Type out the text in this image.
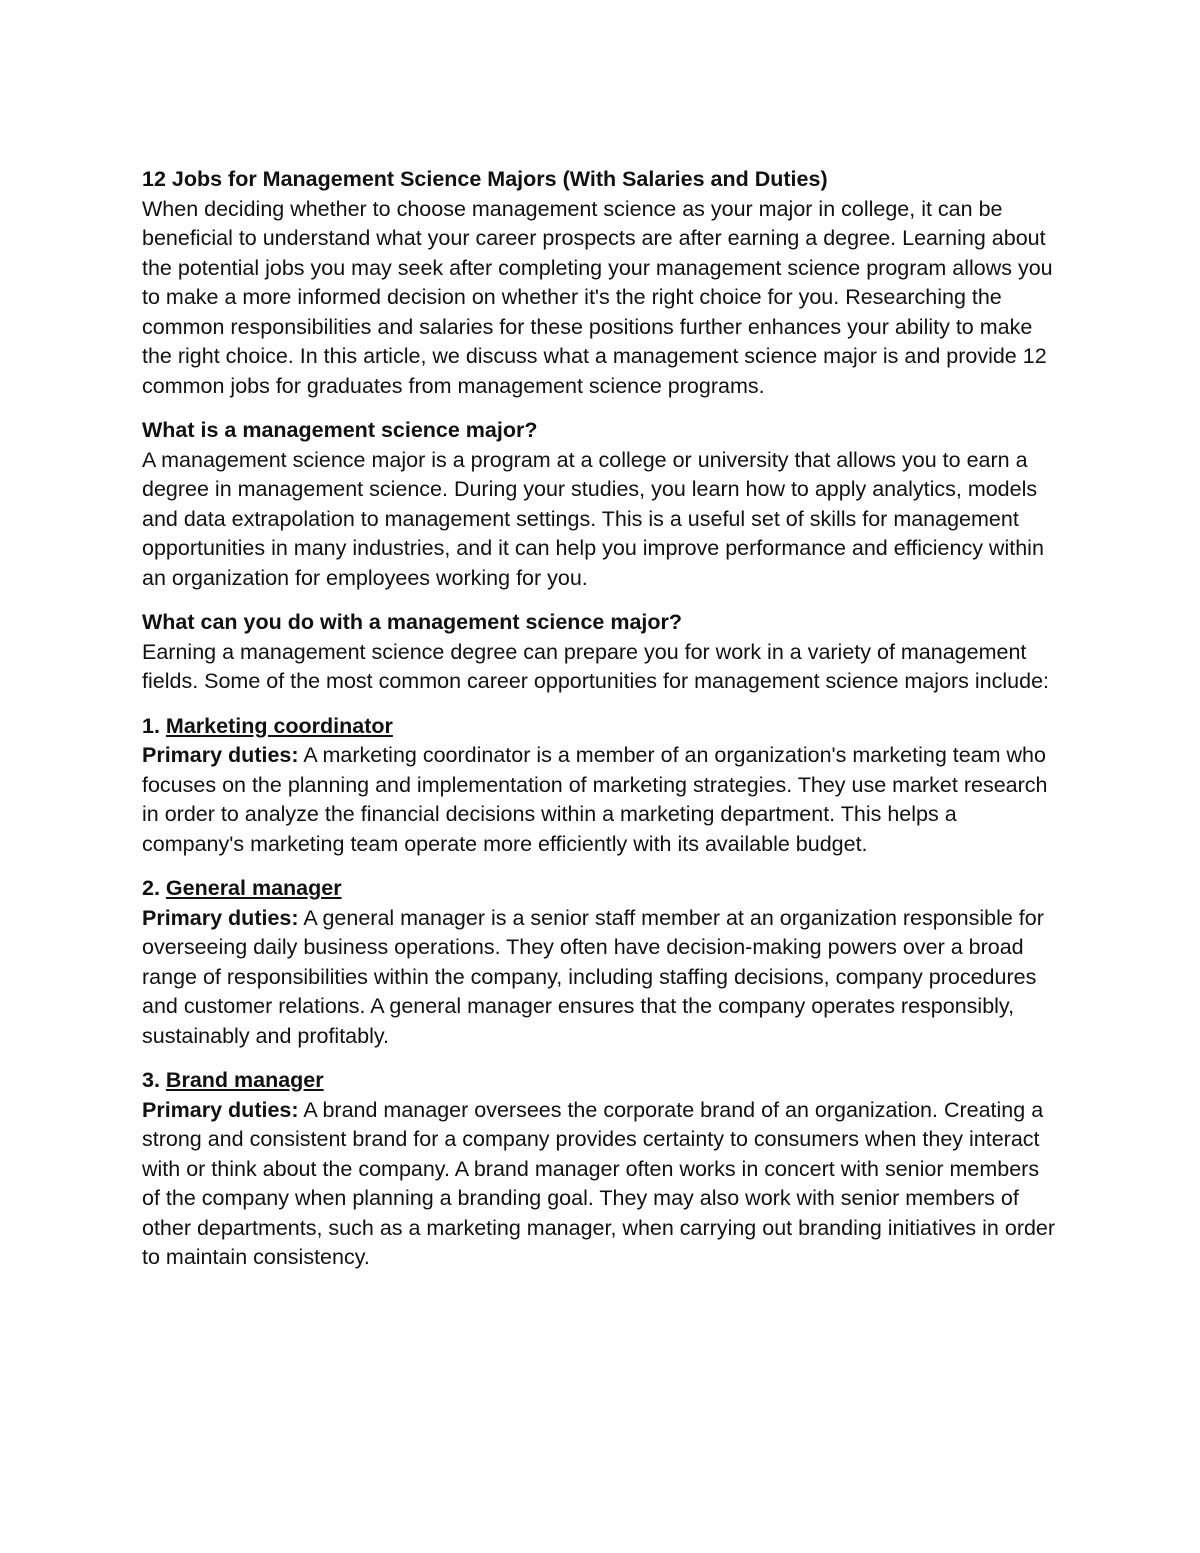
12 Jobs for Management Science Majors (With Salaries and Duties)

When deciding whether to choose management science as your major in college, it can be beneficial to understand what your career prospects are after earning a degree. Learning about the potential jobs you may seek after completing your management science program allows you to make a more informed decision on whether it's the right choice for you. Researching the common responsibilities and salaries for these positions further enhances your ability to make the right choice. In this article, we discuss what a management science major is and provide 12 common jobs for graduates from management science programs.

What is a management science major?

A management science major is a program at a college or university that allows you to earn a degree in management science. During your studies, you learn how to apply analytics, models and data extrapolation to management settings. This is a useful set of skills for management opportunities in many industries, and it can help you improve performance and efficiency within an organization for employees working for you.

What can you do with a management science major?

Earning a management science degree can prepare you for work in a variety of management fields. Some of the most common career opportunities for management science majors include:

1. Marketing coordinator

Primary duties: A marketing coordinator is a member of an organization's marketing team who focuses on the planning and implementation of marketing strategies. They use market research in order to analyze the financial decisions within a marketing department. This helps a company's marketing team operate more efficiently with its available budget.

2. General manager

Primary duties: A general manager is a senior staff member at an organization responsible for overseeing daily business operations. They often have decision-making powers over a broad range of responsibilities within the company, including staffing decisions, company procedures and customer relations. A general manager ensures that the company operates responsibly, sustainably and profitably.

3. Brand manager

Primary duties: A brand manager oversees the corporate brand of an organization. Creating a strong and consistent brand for a company provides certainty to consumers when they interact with or think about the company. A brand manager often works in concert with senior members of the company when planning a branding goal. They may also work with senior members of other departments, such as a marketing manager, when carrying out branding initiatives in order to maintain consistency.
